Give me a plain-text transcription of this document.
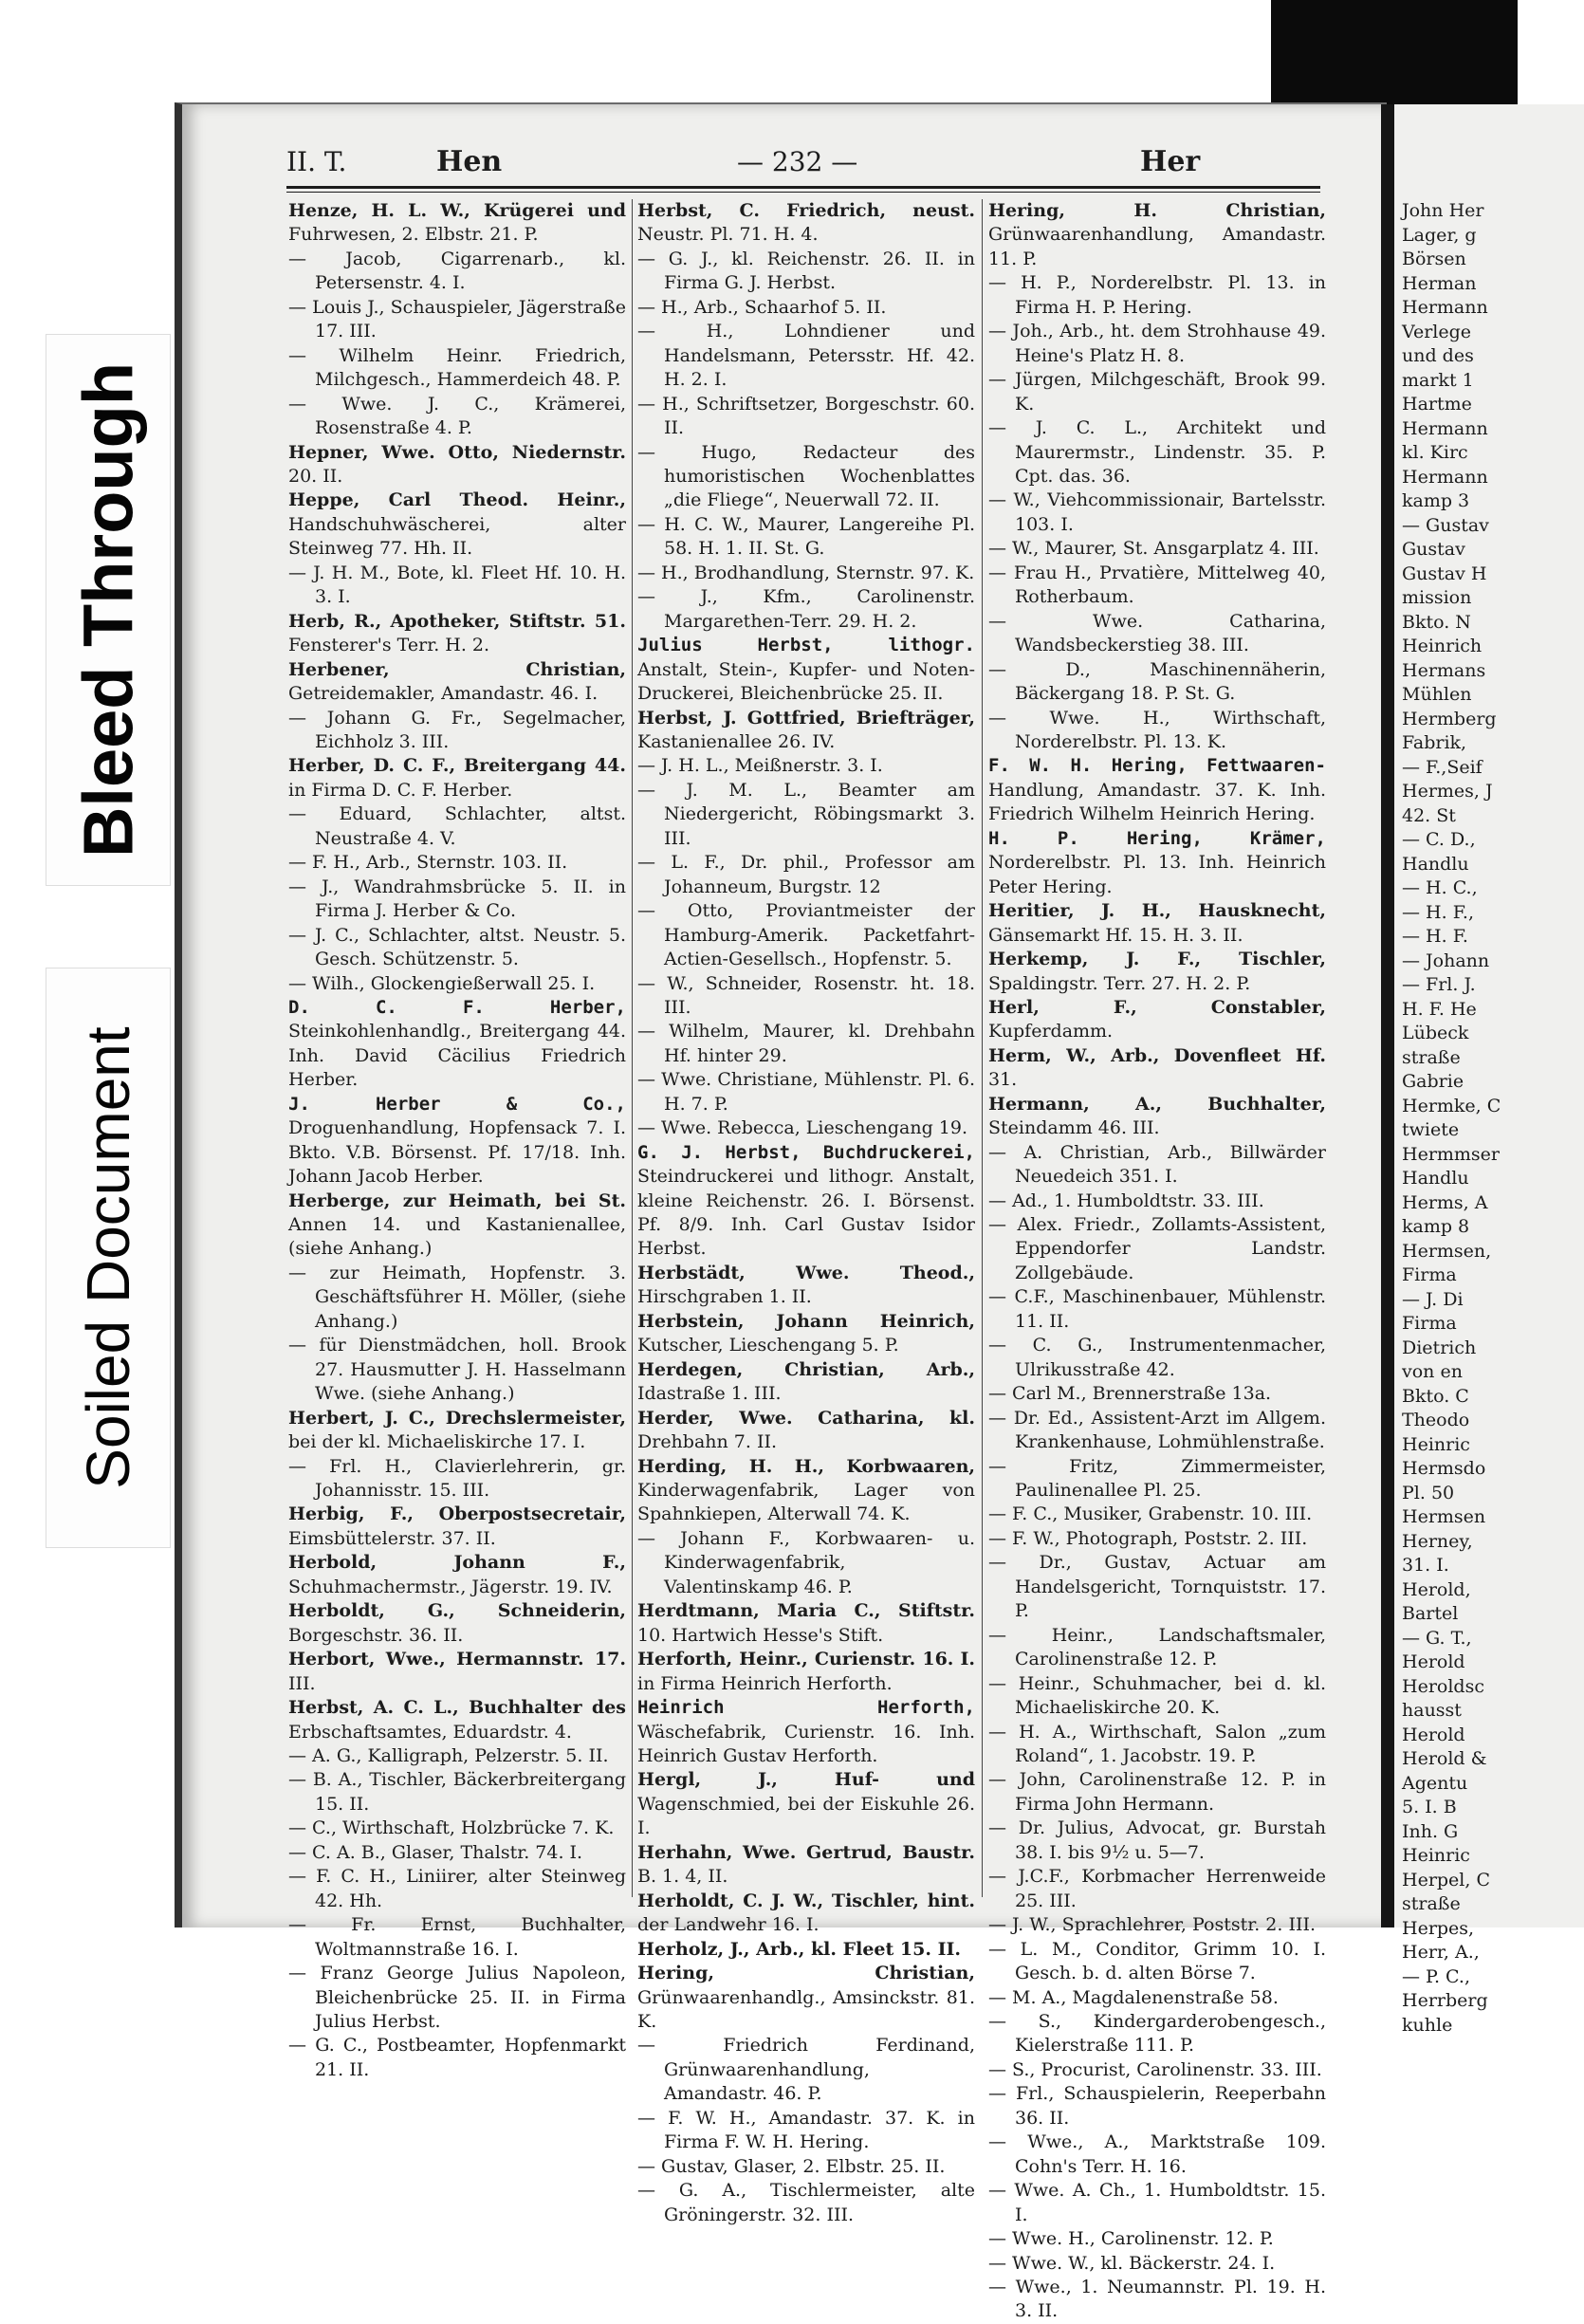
Bleed Through
Soiled Document
II. T.	Hen	— 232 —	Her
Henze, H. L. W., Krügerei und Fuhrwesen, 2. Elbstr. 21. P.
— Jacob, Cigarrenarb., kl. Petersenstr. 4. I.
— Louis J., Schauspieler, Jägerstraße 17. III.
— Wilhelm Heinr. Friedrich, Milchgesch., Hammerdeich 48. P.
— Wwe. J. C., Krämerei, Rosenstraße 4. P.
Hepner, Wwe. Otto, Niedernstr. 20. II.
Heppe, Carl Theod. Heinr., Handschuhwäscherei, alter Steinweg 77. Hh. II.
— J. H. M., Bote, kl. Fleet Hf. 10. H. 3. I.
Herb, R., Apotheker, Stiftstr. 51. Fensterer's Terr. H. 2.
Herbener, Christian, Getreidemakler, Amandastr. 46. I.
— Johann G. Fr., Segelmacher, Eichholz 3. III.
Herber, D. C. F., Breitergang 44. in Firma D. C. F. Herber.
— Eduard, Schlachter, altst. Neustraße 4. V.
— F. H., Arb., Sternstr. 103. II.
— J., Wandrahmsbrücke 5. II. in Firma J. Herber & Co.
— J. C., Schlachter, altst. Neustr. 5. Gesch. Schützenstr. 5.
— Wilh., Glockengießerwall 25. I.
D. C. F. Herber, Steinkohlenhandlg., Breitergang 44. Inh. David Cäcilius Friedrich Herber.
J. Herber & Co., Droguenhandlung, Hopfensack 7. I. Bkto. V.B. Börsenst. Pf. 17/18. Inh. Johann Jacob Herber.
Herberge, zur Heimath, bei St. Annen 14. und Kastanienallee, (siehe Anhang.)
— zur Heimath, Hopfenstr. 3. Geschäftsführer H. Möller, (siehe Anhang.)
— für Dienstmädchen, holl. Brook 27. Hausmutter J. H. Hasselmann Wwe. (siehe Anhang.)
Herbert, J. C., Drechslermeister, bei der kl. Michaeliskirche 17. I.
— Frl. H., Clavierlehrerin, gr. Johannisstr. 15. III.
Herbig, F., Oberpostsecretair, Eimsbüttelerstr. 37. II.
Herbold, Johann F., Schuhmachermstr., Jägerstr. 19. IV.
Herboldt, G., Schneiderin, Borgeschstr. 36. II.
Herbort, Wwe., Hermannstr. 17. III.
Herbst, A. C. L., Buchhalter des Erbschaftsamtes, Eduardstr. 4.
— A. G., Kalligraph, Pelzerstr. 5. II.
— B. A., Tischler, Bäckerbreitergang 15. II.
— C., Wirthschaft, Holzbrücke 7. K.
— C. A. B., Glaser, Thalstr. 74. I.
— F. C. H., Liniirer, alter Steinweg 42. Hh.
— Fr. Ernst, Buchhalter, Woltmannstraße 16. I.
— Franz George Julius Napoleon, Bleichenbrücke 25. II. in Firma Julius Herbst.
— G. C., Postbeamter, Hopfenmarkt 21. II.
Herbst, C. Friedrich, neust. Neustr. Pl. 71. H. 4.
— G. J., kl. Reichenstr. 26. II. in Firma G. J. Herbst.
— H., Arb., Schaarhof 5. II.
— H., Lohndiener und Handelsmann, Petersstr. Hf. 42. H. 2. I.
— H., Schriftsetzer, Borgeschstr. 60. II.
— Hugo, Redacteur des humoristischen Wochenblattes „die Fliege“, Neuerwall 72. II.
— H. C. W., Maurer, Langereihe Pl. 58. H. 1. II. St. G.
— H., Brodhandlung, Sternstr. 97. K.
— J., Kfm., Carolinenstr. Margarethen-Terr. 29. H. 2.
Julius Herbst, lithogr. Anstalt, Stein-, Kupfer- und Noten-Druckerei, Bleichenbrücke 25. II.
Herbst, J. Gottfried, Briefträger, Kastanienallee 26. IV.
— J. H. L., Meißnerstr. 3. I.
— J. M. L., Beamter am Niedergericht, Röbingsmarkt 3. III.
— L. F., Dr. phil., Professor am Johanneum, Burgstr. 12
— Otto, Proviantmeister der Hamburg-Amerik. Packetfahrt-Actien-Gesellsch., Hopfenstr. 5.
— W., Schneider, Rosenstr. ht. 18. III.
— Wilhelm, Maurer, kl. Drehbahn Hf. hinter 29.
— Wwe. Christiane, Mühlenstr. Pl. 6. H. 7. P.
— Wwe. Rebecca, Lieschengang 19.
G. J. Herbst, Buchdruckerei, Steindruckerei und lithogr. Anstalt, kleine Reichenstr. 26. I. Börsenst. Pf. 8/9. Inh. Carl Gustav Isidor Herbst.
Herbstädt, Wwe. Theod., Hirschgraben 1. II.
Herbstein, Johann Heinrich, Kutscher, Lieschengang 5. P.
Herdegen, Christian, Arb., Idastraße 1. III.
Herder, Wwe. Catharina, kl. Drehbahn 7. II.
Herding, H. H., Korbwaaren, Kinderwagenfabrik, Lager von Spahnkiepen, Alterwall 74. K.
— Johann F., Korbwaaren- u. Kinderwagenfabrik, Valentinskamp 46. P.
Herdtmann, Maria C., Stiftstr. 10. Hartwich Hesse's Stift.
Herforth, Heinr., Curienstr. 16. I. in Firma Heinrich Herforth.
Heinrich Herforth, Wäschefabrik, Curienstr. 16. Inh. Heinrich Gustav Herforth.
Hergl, J., Huf- und Wagenschmied, bei der Eiskuhle 26. I.
Herhahn, Wwe. Gertrud, Baustr. B. 1. 4, II.
Herholdt, C. J. W., Tischler, hint. der Landwehr 16. I.
Herholz, J., Arb., kl. Fleet 15. II.
Hering, Christian, Grünwaarenhandlg., Amsinckstr. 81. K.
— Friedrich Ferdinand, Grünwaarenhandlung, Amandastr. 46. P.
— F. W. H., Amandastr. 37. K. in Firma F. W. H. Hering.
— Gustav, Glaser, 2. Elbstr. 25. II.
— G. A., Tischlermeister, alte Gröningerstr. 32. III.
Hering, H. Christian, Grünwaarenhandlung, Amandastr. 11. P.
— H. P., Norderelbstr. Pl. 13. in Firma H. P. Hering.
— Joh., Arb., ht. dem Strohhause 49. Heine's Platz H. 8.
— Jürgen, Milchgeschäft, Brook 99. K.
— J. C. L., Architekt und Maurermstr., Lindenstr. 35. P. Cpt. das. 36.
— W., Viehcommissionair, Bartelsstr. 103. I.
— W., Maurer, St. Ansgarplatz 4. III.
— Frau H., Prvatière, Mittelweg 40, Rotherbaum.
— Wwe. Catharina, Wandsbeckerstieg 38. III.
— D., Maschinennäherin, Bäckergang 18. P. St. G.
— Wwe. H., Wirthschaft, Norderelbstr. Pl. 13. K.
F. W. H. Hering, Fettwaaren-Handlung, Amandastr. 37. K. Inh. Friedrich Wilhelm Heinrich Hering.
H. P. Hering, Krämer, Norderelbstr. Pl. 13. Inh. Heinrich Peter Hering.
Heritier, J. H., Hausknecht, Gänsemarkt Hf. 15. H. 3. II.
Herkemp, J. F., Tischler, Spaldingstr. Terr. 27. H. 2. P.
Herl, F., Constabler, Kupferdamm.
Herm, W., Arb., Dovenfleet Hf. 31.
Hermann, A., Buchhalter, Steindamm 46. III.
— A. Christian, Arb., Billwärder Neuedeich 351. I.
— Ad., 1. Humboldtstr. 33. III.
— Alex. Friedr., Zollamts-Assistent, Eppendorfer Landstr. Zollgebäude.
— C.F., Maschinenbauer, Mühlenstr. 11. II.
— C. G., Instrumentenmacher, Ulrikusstraße 42.
— Carl M., Brennerstraße 13a.
— Dr. Ed., Assistent-Arzt im Allgem. Krankenhause, Lohmühlenstraße.
— Fritz, Zimmermeister, Paulinenallee Pl. 25.
— F. C., Musiker, Grabenstr. 10. III.
— F. W., Photograph, Poststr. 2. III.
— Dr., Gustav, Actuar am Handelsgericht, Tornquiststr. 17. P.
— Heinr., Landschaftsmaler, Carolinenstraße 12. P.
— Heinr., Schuhmacher, bei d. kl. Michaeliskirche 20. K.
— H. A., Wirthschaft, Salon „zum Roland“, 1. Jacobstr. 19. P.
— John, Carolinenstraße 12. P. in Firma John Hermann.
— Dr. Julius, Advocat, gr. Burstah 38. I. bis 9½ u. 5—7.
— J.C.F., Korbmacher Herrenweide 25. III.
— J. W., Sprachlehrer, Poststr. 2. III.
— L. M., Conditor, Grimm 10. I. Gesch. b. d. alten Börse 7.
— M. A., Magdalenenstraße 58.
— S., Kindergarderobengesch., Kielerstraße 111. P.
— S., Procurist, Carolinenstr. 33. III.
— Frl., Schauspielerin, Reeperbahn 36. II.
— Wwe., A., Marktstraße 109. Cohn's Terr. H. 16.
— Wwe. A. Ch., 1. Humboldtstr. 15. I.
— Wwe. H., Carolinenstr. 12. P.
— Wwe. W., kl. Bäckerstr. 24. I.
— Wwe., 1. Neumannstr. Pl. 19. H. 3. II.
John Her
Lager, g
Börsen
Herman
Hermann
Verlege
und des
markt 1
Hartme
Hermann
kl. Kirc
Hermann
kamp 3
— Gustav
Gustav
Gustav H
mission
Bkto. N
Heinrich
Hermans
Mühlen
Hermberg
Fabrik,
— F.,Seif
Hermes, J
42. St
— C. D.,
Handlu
— H. C.,
— H. F.,
— H. F.
— Johann
— Frl. J.
H. F. He
Lübeck
straße
Gabrie
Hermke, C
twiete
Hermmser
Handlu
Herms, A
kamp 8
Hermsen,
Firma
— J. Di
Firma
Dietrich
von en
Bkto. C
Theodo
Heinric
Hermsdo
Pl. 50
Hermsen
Herney,
31. I.
Herold,
Bartel
— G. T.,
Herold
Heroldsc
hausst
Herold
Herold &
Agentu
5. I. B
Inh. G
Heinric
Herpel, C
straße
Herpes,
Herr, A.,
— P. C.,
Herrberg
kuhle
